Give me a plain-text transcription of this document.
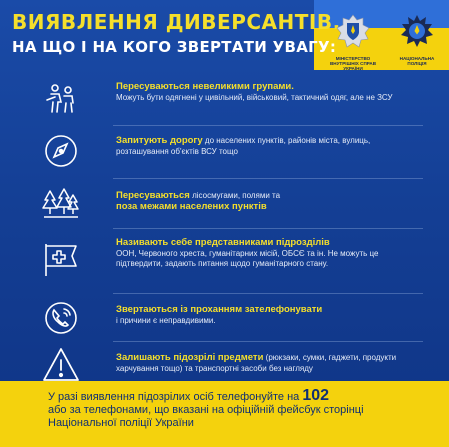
ВИЯВЛЕННЯ ДИВЕРСАНТІВ.
НА ЩО І НА КОГО ЗВЕРТАТИ УВАГУ:
МІНІСТЕРСТВО ВНУТРІШНІХ СПРАВ УКРАЇНИ
НАЦІОНАЛЬНА ПОЛІЦІЯ
Пересуваються невеликими групами.
Можуть бути одягнені у цивільний, військовий, тактичний одяг, але не ЗСУ
Запитують дорогу до населених пунктів, районів міста, вулиць, розташування об'єктів ВСУ тощо
Пересуваються лісосмугами, полями та
поза межами населених пунктів
Називають себе представниками підрозділів
ООН, Червоного хреста, гуманітарних місій, ОБСЄ та ін. Не можуть це підтвердити, задають питання щодо гуманітарного стану.
Звертаються із проханням зателефонувати
і причини є неправдивими.
Залишають підозрілі предмети (рюкзаки, сумки, гаджети, продукти харчування тощо) та транспортні засоби без нагляду
У разі виявлення підозрілих осіб телефонуйте на 102
або за телефонами, що вказані на офіційній фейсбук сторінці
Національної поліції України
